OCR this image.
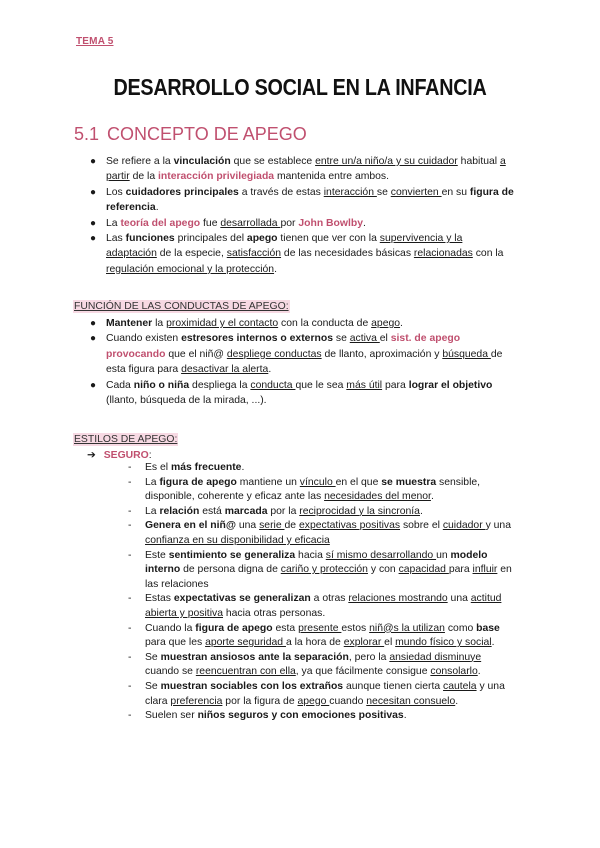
TEMA 5
DESARROLLO SOCIAL EN LA INFANCIA
5.1 CONCEPTO DE APEGO
● Se refiere a la vinculación que se establece entre un/a niño/a y su cuidador habitual a partir de la interacción privilegiada mantenida entre ambos.
● Los cuidadores principales a través de estas interacción se convierten en su figura de referencia.
● La teoría del apego fue desarrollada por John Bowlby.
● Las funciones principales del apego tienen que ver con la supervivencia y la adaptación de la especie, satisfacción de las necesidades básicas relacionadas con la regulación emocional y la protección.
FUNCIÓN DE LAS CONDUCTAS DE APEGO:
● Mantener la proximidad y el contacto con la conducta de apego.
● Cuando existen estresores internos o externos se activa el sist. de apego provocando que el niñ@ despliege conductas de llanto, aproximación y búsqueda de esta figura para desactivar la alerta.
● Cada niño o niña despliega la conducta que le sea más útil para lograr el objetivo (llanto, búsqueda de la mirada, ...).
ESTILOS DE APEGO:
➔ SEGURO:
- Es el más frecuente.
- La figura de apego mantiene un vínculo en el que se muestra sensible, disponible, coherente y eficaz ante las necesidades del menor.
- La relación está marcada por la reciprocidad y la sincronía.
- Genera en el niñ@ una serie de expectativas positivas sobre el cuidador y una confianza en su disponibilidad y eficacia
- Este sentimiento se generaliza hacia sí mismo desarrollando un modelo interno de persona digna de cariño y protección y con capacidad para influir en las relaciones
- Estas expectativas se generalizan a otras relaciones mostrando una actitud abierta y positiva hacia otras personas.
- Cuando la figura de apego esta presente estos niñ@s la utilizan como base para que les aporte seguridad a la hora de explorar el mundo físico y social.
- Se muestran ansiosos ante la separación, pero la ansiedad disminuye cuando se reencuentran con ella, ya que fácilmente consigue consolarlo.
- Se muestran sociables con los extraños aunque tienen cierta cautela y una clara preferencia por la figura de apego cuando necesitan consuelo.
- Suelen ser niños seguros y con emociones positivas.
